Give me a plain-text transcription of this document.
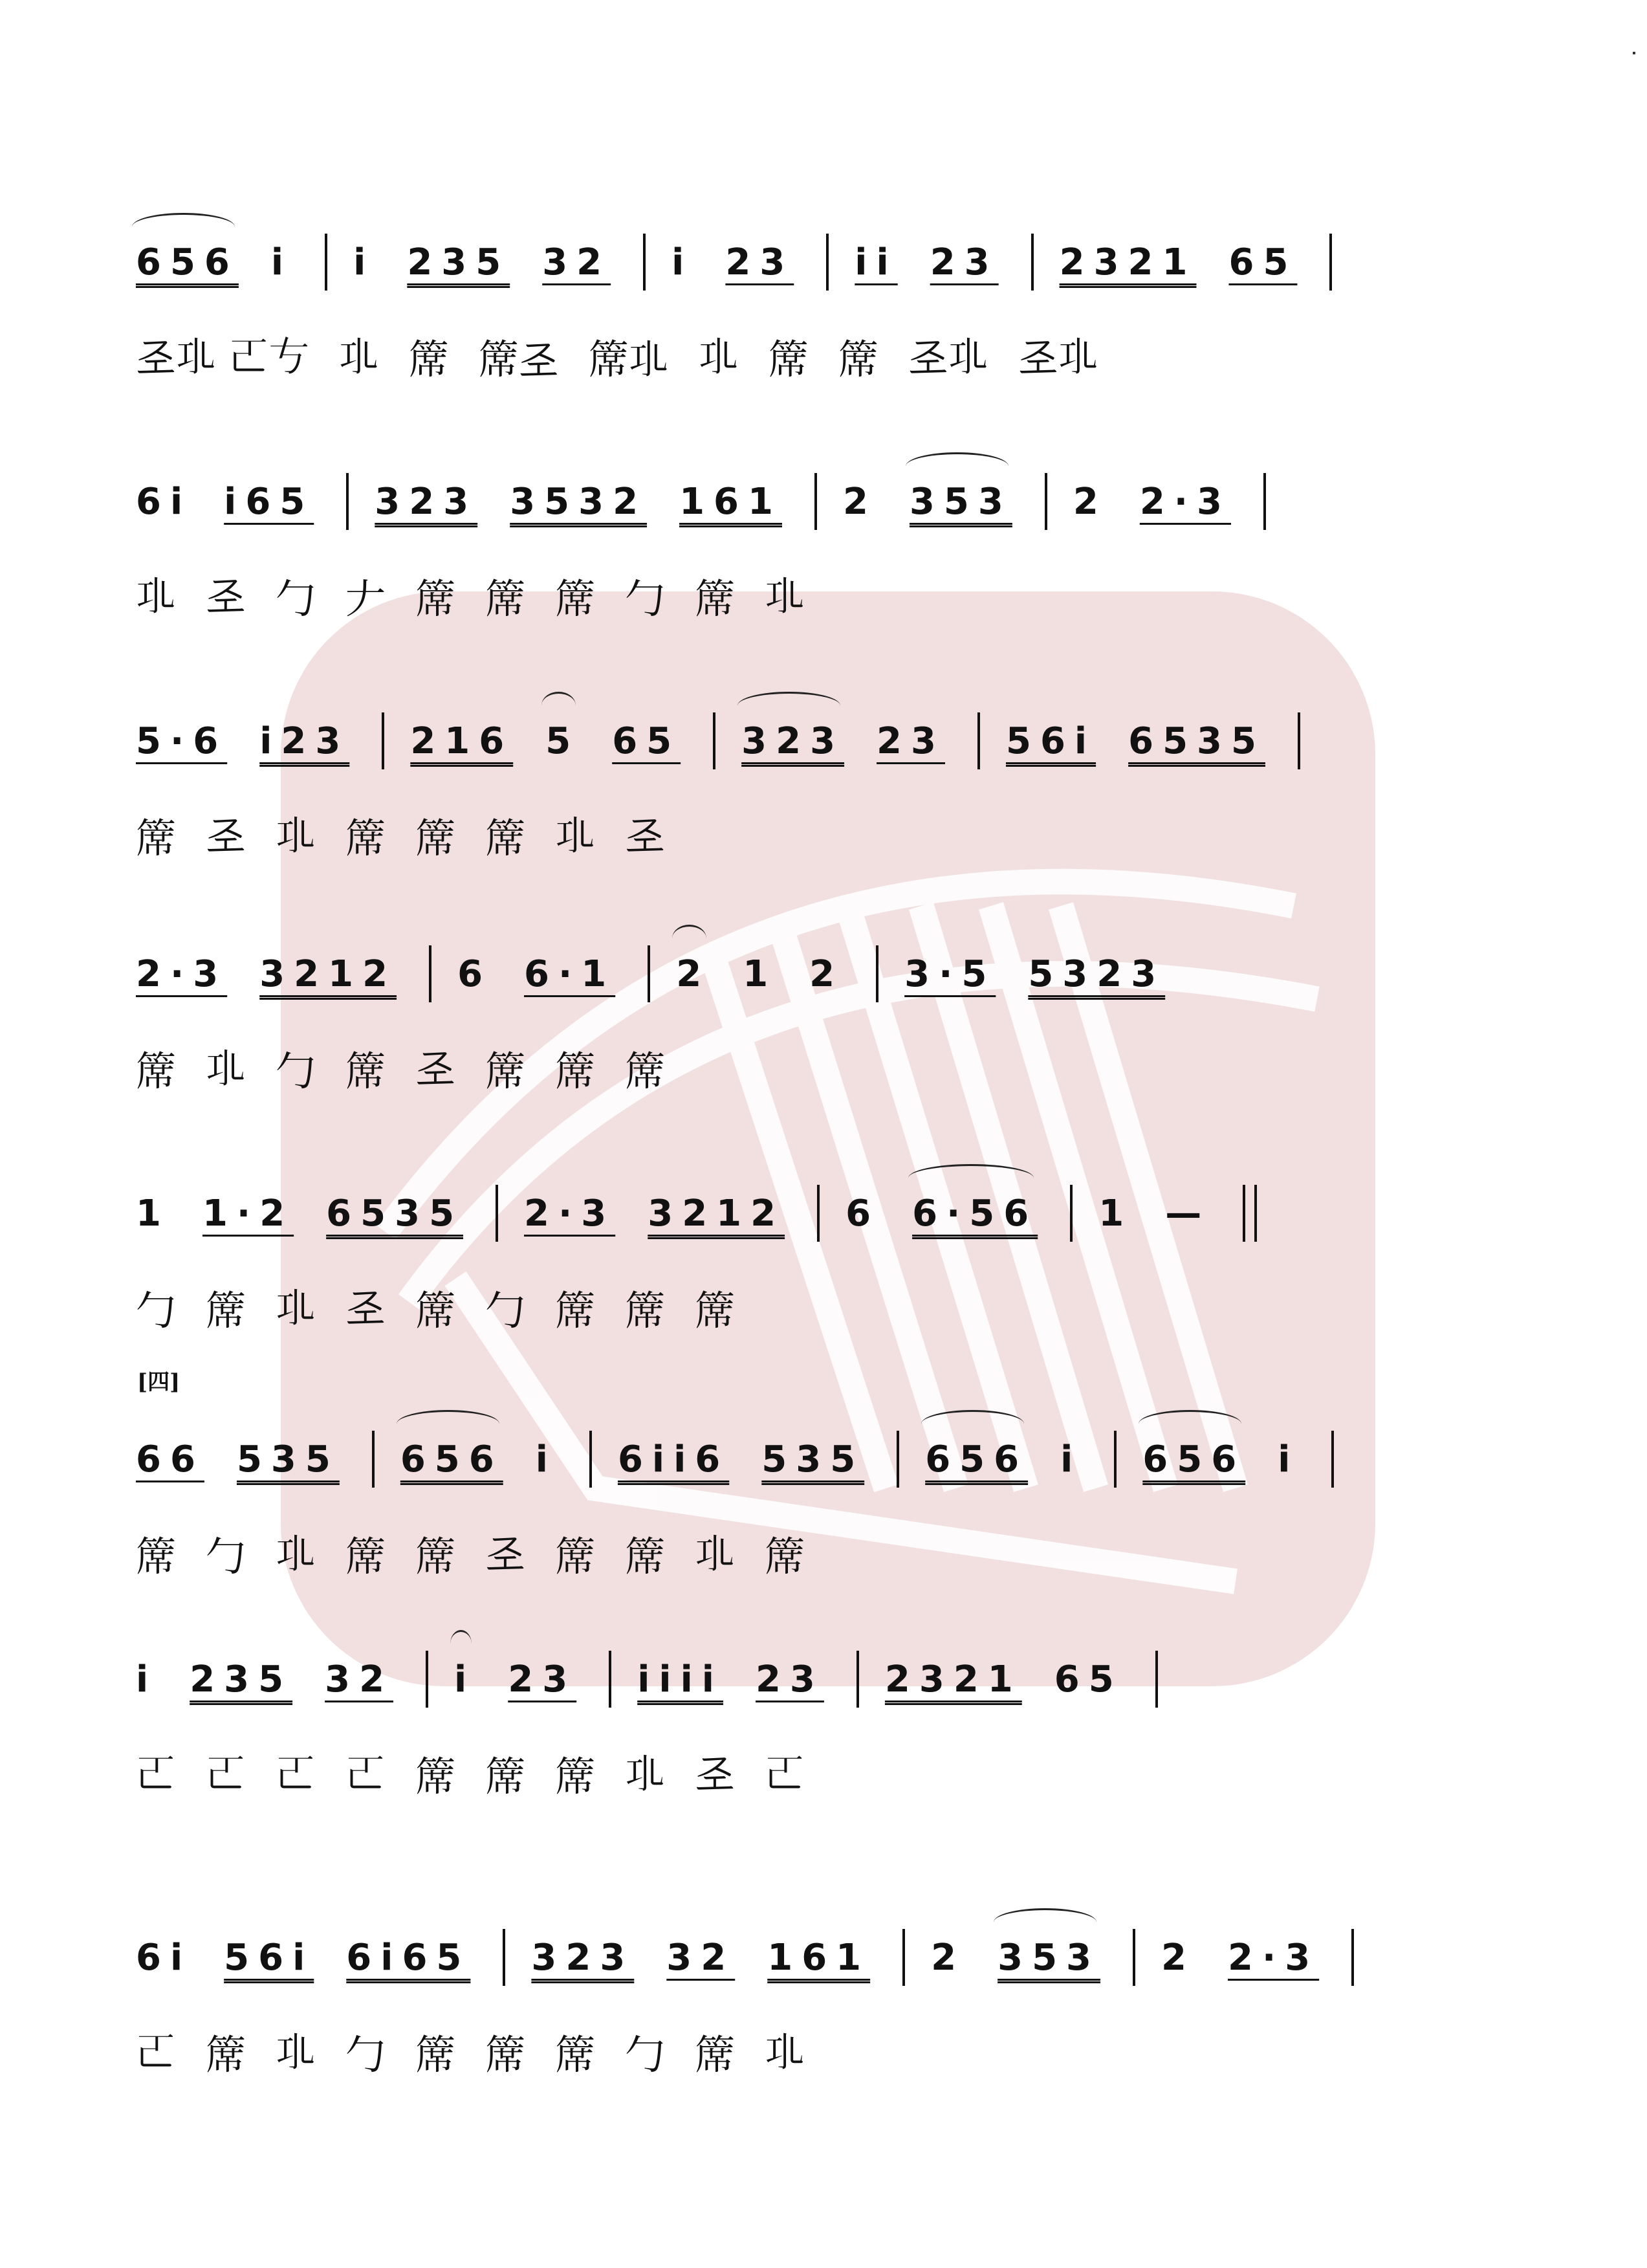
[四]
656 i i 235 32 i 23 ii 23 2321 65
𢀖𢀗 𠀀𠀁 𢀗 𥱊 𥱊𢀖 𥱊𢀗 𢀗 𥱊 𥱊 𢀖𢀗 𢀖𢀗
6i i65 323 3532 161 2 353 2 2·3
𢀗 𢀖 勹 𠂇 𥱊 𥱊 𥱊 勹 𥱊 𢀗
5·6 i23 216 5 65 323 23 56i 6535
𥱊 𢀖 𢀗 𥱊 𥱊 𥱊 𢀗 𢀖
2·3 3212 6 6·1 2 1 2 3·5 5323
𥱊 𢀗 勹 𥱊 𢀖 𥱊 𥱊 𥱊
1 1·2 6535 2·3 3212 6 6·56 1 —
勹 𥱊 𢀗 𢀖 𥱊 勹 𥱊 𥱊 𥱊
66 535 656 i 6ii6 535 656 i 656 i
𥱊 勹 𢀗 𥱊 𥱊 𢀖 𥱊 𥱊 𢀗 𥱊
i 235 32 i 23 iiii 23 2321 65
𠀀 𠀀 𠀀 𠀀 𥱊 𥱊 𥱊 𢀗 𢀖 𠀀
6i 56i 6i65 323 32 161 2 353 2 2·3
𠀀 𥱊 𢀗 勹 𥱊 𥱊 𥱊 勹 𥱊 𢀗
